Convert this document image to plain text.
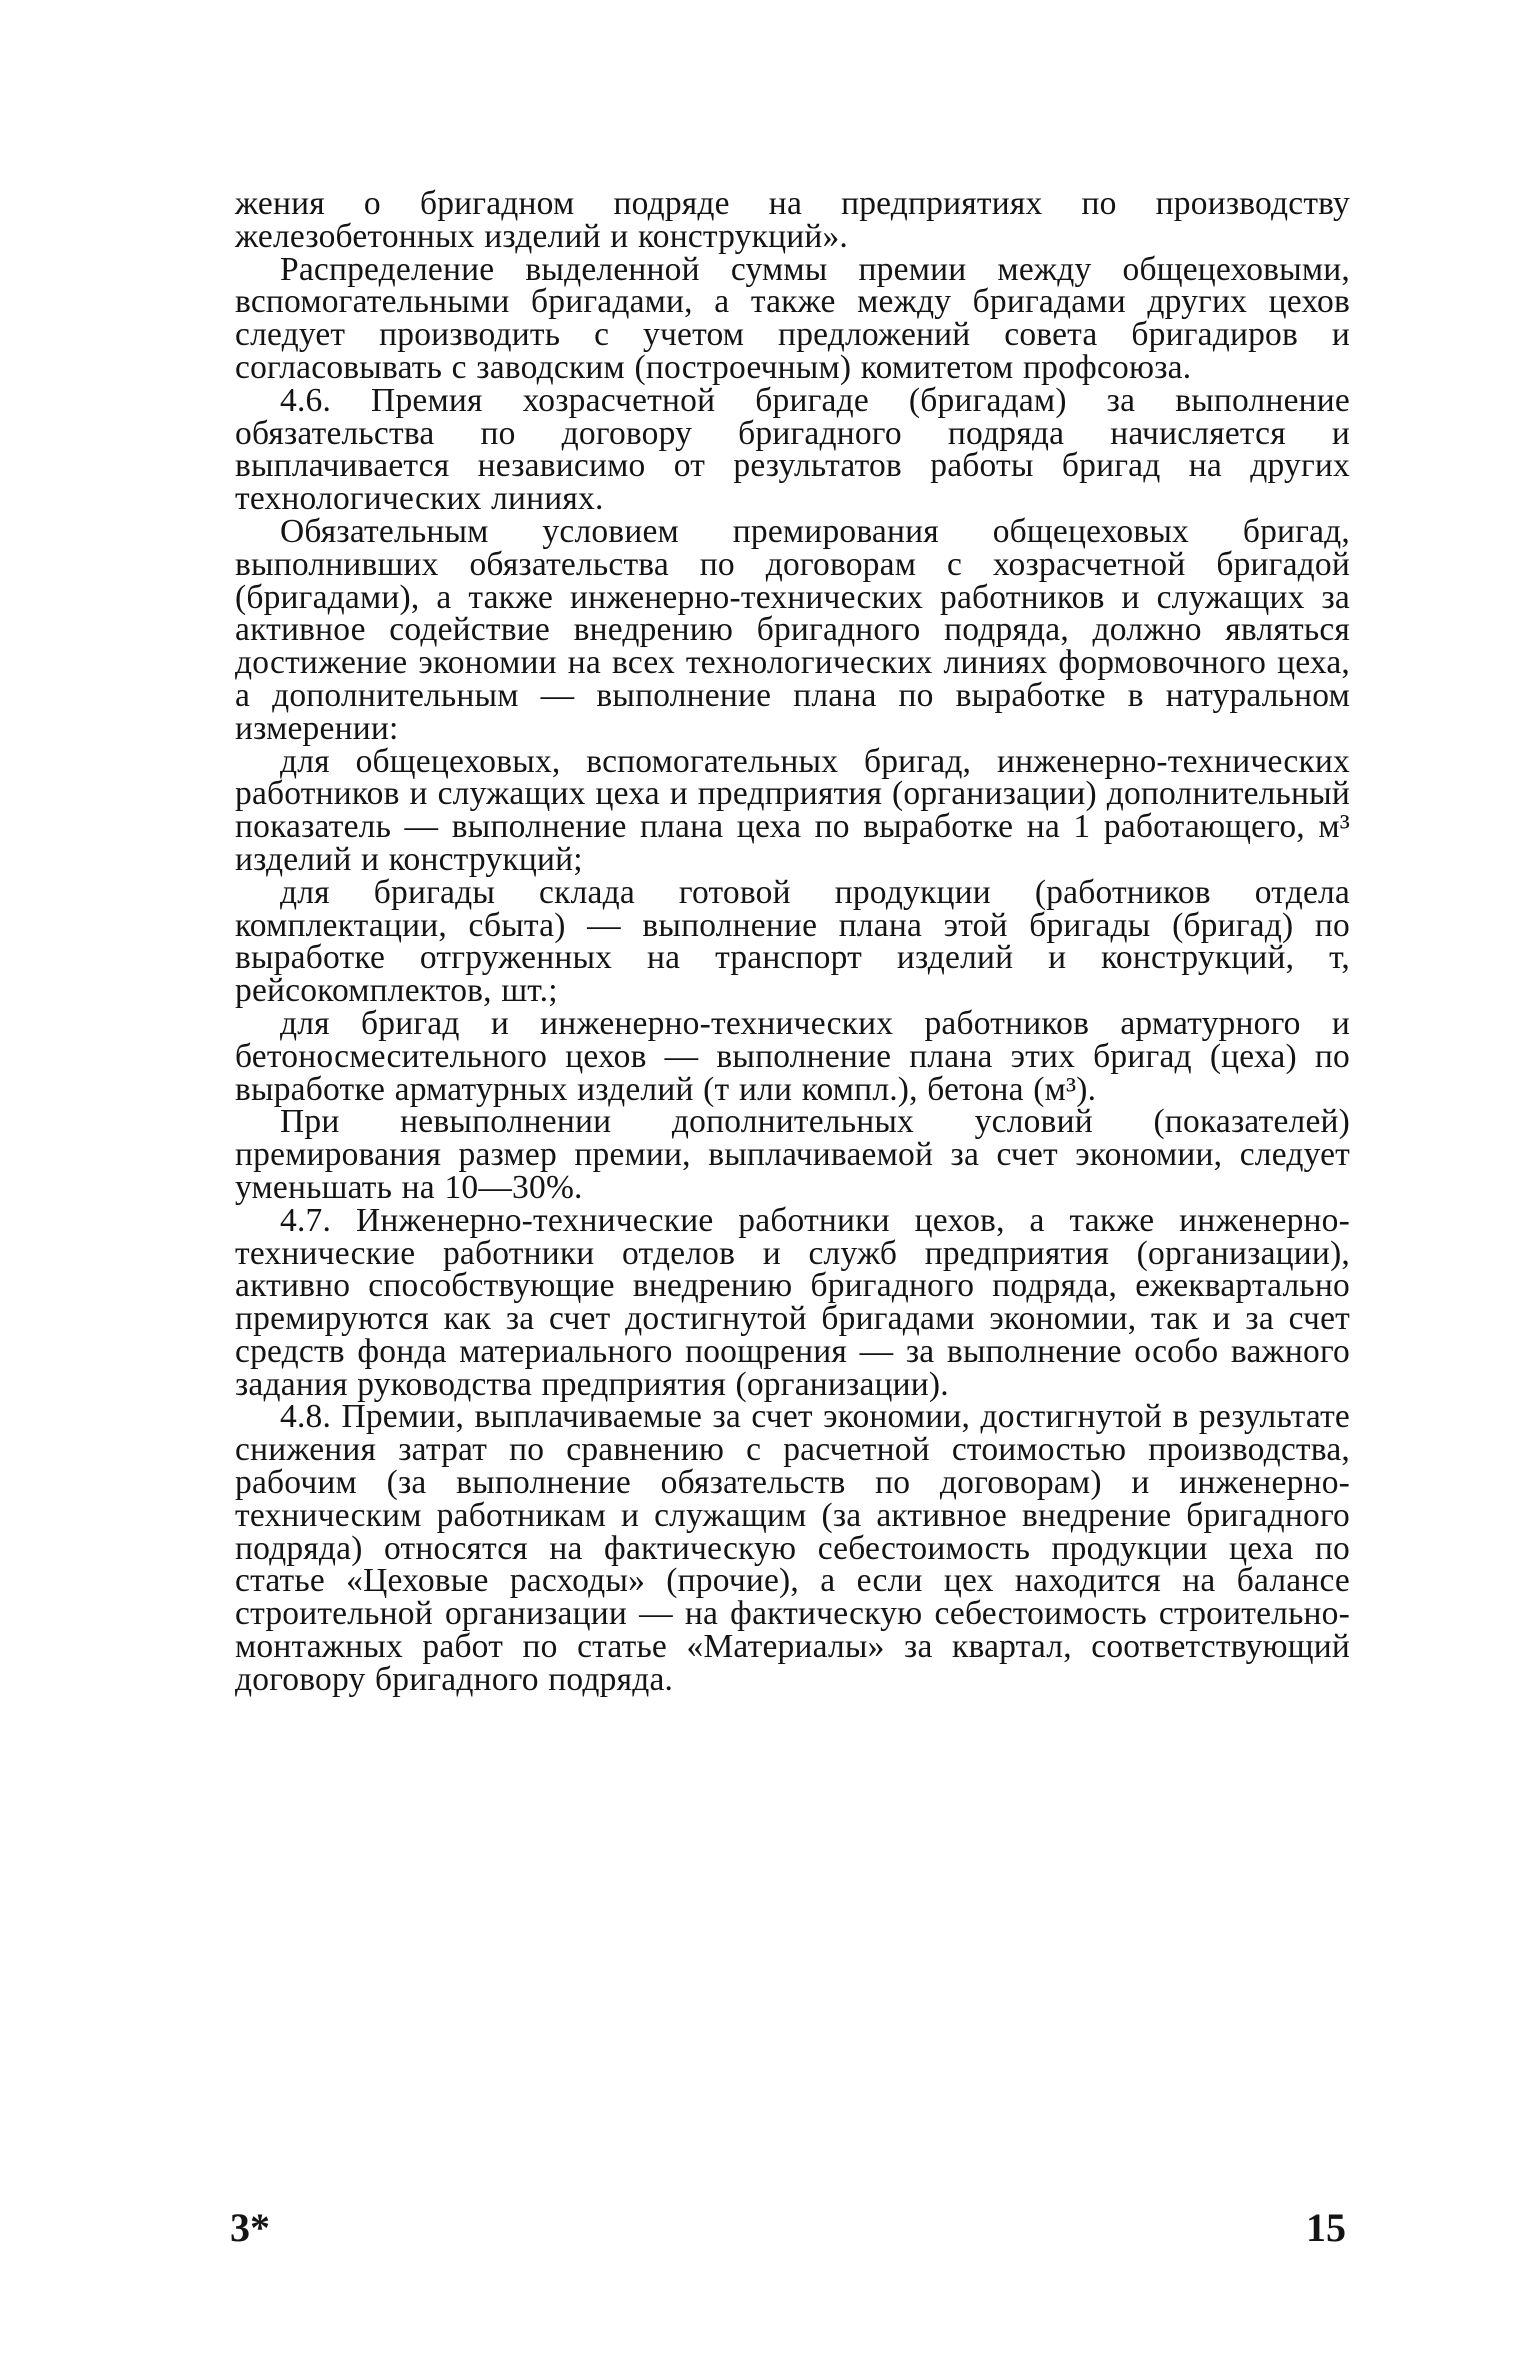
жения о бригадном подряде на предприятиях по производству железобетонных изделий и конструкций».

Распределение выделенной суммы премии между общецеховыми, вспомогательными бригадами, а также между бригадами других цехов следует производить с учетом предложений совета бригадиров и согласовывать с заводским (построечным) комитетом профсоюза.

4.6. Премия хозрасчетной бригаде (бригадам) за выполнение обязательства по договору бригадного подряда начисляется и выплачивается независимо от результатов работы бригад на других технологических линиях.

Обязательным условием премирования общецеховых бригад, выполнивших обязательства по договорам с хозрасчетной бригадой (бригадами), а также инженерно-технических работников и служащих за активное содействие внедрению бригадного подряда, должно являться достижение экономии на всех технологических линиях формовочного цеха, а дополнительным — выполнение плана по выработке в натуральном измерении:

для общецеховых, вспомогательных бригад, инженерно-технических работников и служащих цеха и предприятия (организации) дополнительный показатель — выполнение плана цеха по выработке на 1 работающего, м³ изделий и конструкций;

для бригады склада готовой продукции (работников отдела комплектации, сбыта) — выполнение плана этой бригады (бригад) по выработке отгруженных на транспорт изделий и конструкций, т, рейсокомплектов, шт.;

для бригад и инженерно-технических работников арматурного и бетоносмесительного цехов — выполнение плана этих бригад (цеха) по выработке арматурных изделий (т или компл.), бетона (м³).

При невыполнении дополнительных условий (показателей) премирования размер премии, выплачиваемой за счет экономии, следует уменьшать на 10—30%.

4.7. Инженерно-технические работники цехов, а также инженерно-технические работники отделов и служб предприятия (организации), активно способствующие внедрению бригадного подряда, ежеквартально премируются как за счет достигнутой бригадами экономии, так и за счет средств фонда материального поощрения — за выполнение особо важного задания руководства предприятия (организации).

4.8. Премии, выплачиваемые за счет экономии, достигнутой в результате снижения затрат по сравнению с расчетной стоимостью производства, рабочим (за выполнение обязательств по договорам) и инженерно-техническим работникам и служащим (за активное внедрение бригадного подряда) относятся на фактическую себестоимость продукции цеха по статье «Цеховые расходы» (прочие), а если цех находится на балансе строительной организации — на фактическую себестоимость строительно-монтажных работ по статье «Материалы» за квартал, соответствующий договору бригадного подряда.

3*	15
